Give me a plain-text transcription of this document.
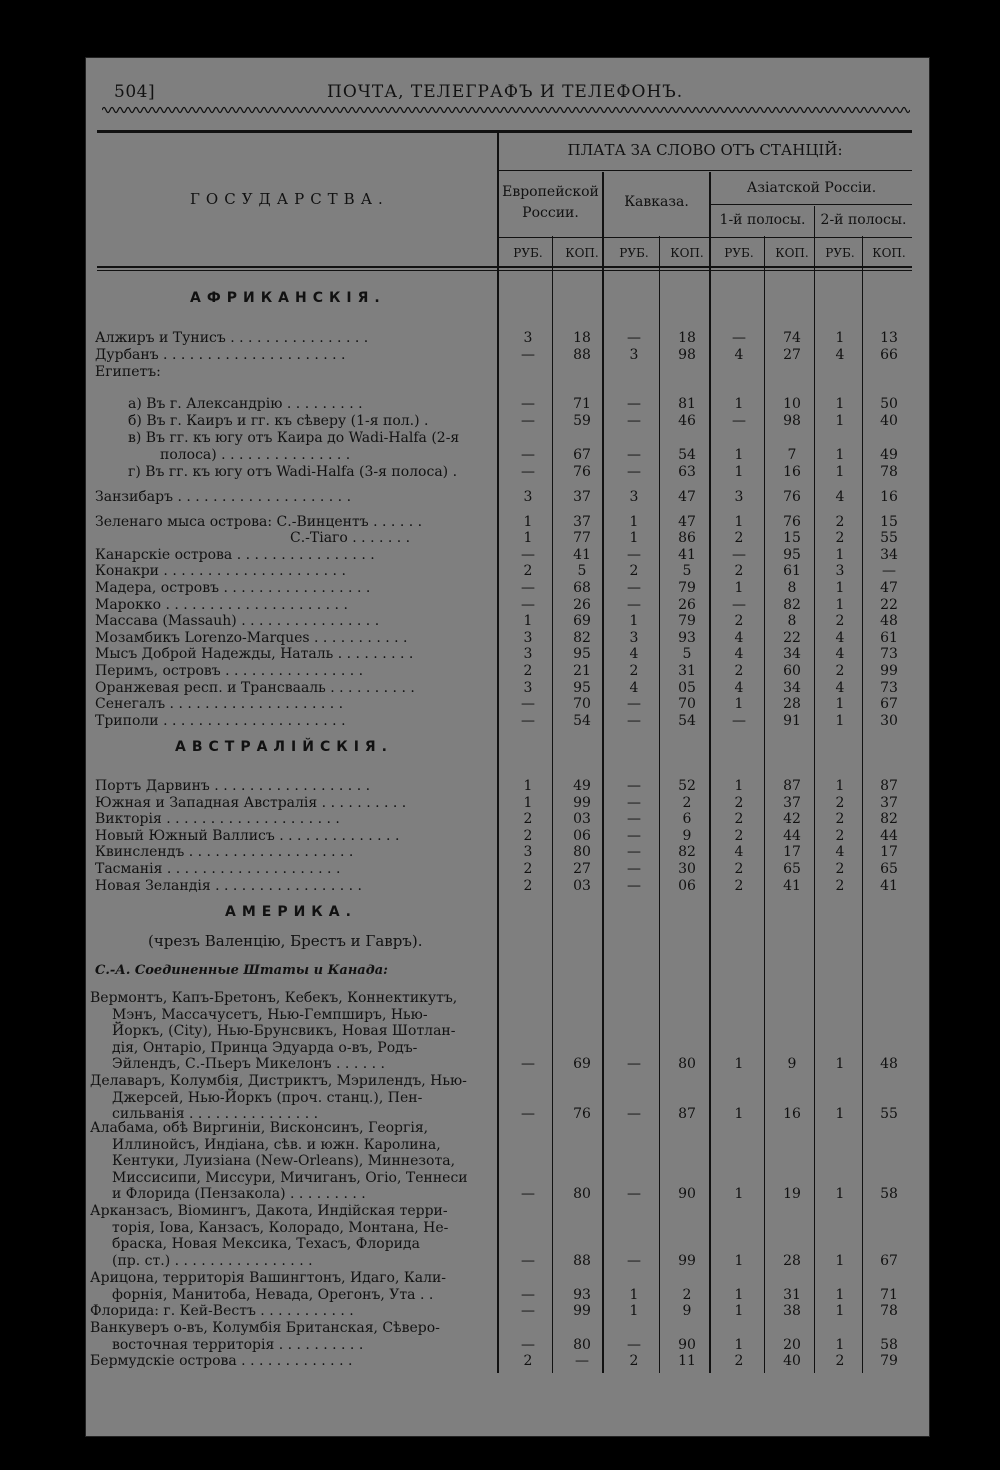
504]	ПОЧТА, ТЕЛЕГРАФЪ И ТЕЛЕФОНЪ.
ГОСУДАРСТВА.
ПЛАТА ЗА СЛОВО ОТЪ СТАНЦІЙ:
Европейской России.
Кавказа.
Азіатской Россіи.
1-й полосы.	2-й полосы.
РУБ.	КОП.	РУБ.	КОП.	РУБ.	КОП.	РУБ.	КОП.
АФРИКАНСКІЯ.
Египетъ:
Алжиръ и Тунисъ . . . . . . . . . . . . . . . .	3	18	—	18	—	74	1	13
Дурбанъ . . . . . . . . . . . . . . . . . . . . .	—	88	3	98	4	27	4	66
а) Въ г. Александрію . . . . . . . . .	—	71	—	81	1	10	1	50
б) Въ г. Каиръ и гг. къ сѣверу (1-я пол.) .	—	59	—	46	—	98	1	40
в) Въ гг. къ югу отъ Каира до Wadi-Halfa (2-я
полоса) . . . . . . . . . . . . . . .	—	67	—	54	1	7	1	49
г) Въ гг. къ югу отъ Wadi-Halfa (3-я полоса) .	—	76	—	63	1	16	1	78
Занзибаръ . . . . . . . . . . . . . . . . . . . .	3	37	3	47	3	76	4	16
Зеленаго мыса острова: С.-Винцентъ . . . . . .	1	37	1	47	1	76	2	15
С.-Тіаго . . . . . . .	1	77	1	86	2	15	2	55
Канарскіе острова . . . . . . . . . . . . . . . .	—	41	—	41	—	95	1	34
Конакри . . . . . . . . . . . . . . . . . . . . .	2	5	2	5	2	61	3	—
Мадера, островъ . . . . . . . . . . . . . . . . .	—	68	—	79	1	8	1	47
Марокко . . . . . . . . . . . . . . . . . . . . .	—	26	—	26	—	82	1	22
Массава (Massauh) . . . . . . . . . . . . . . . .	1	69	1	79	2	8	2	48
Мозамбикъ Lorenzo-Marques . . . . . . . . . . .	3	82	3	93	4	22	4	61
Мысъ Доброй Надежды, Наталь . . . . . . . . .	3	95	4	5	4	34	4	73
Перимъ, островъ . . . . . . . . . . . . . . . .	2	21	2	31	2	60	2	99
Оранжевая респ. и Трансвааль . . . . . . . . . .	3	95	4	05	4	34	4	73
Сенегалъ . . . . . . . . . . . . . . . . . . . .	—	70	—	70	1	28	1	67
Триполи . . . . . . . . . . . . . . . . . . . . .	—	54	—	54	—	91	1	30
АВСТРАЛІЙСКІЯ.
Портъ Дарвинъ . . . . . . . . . . . . . . . . . .	1	49	—	52	1	87	1	87
Южная и Западная Австралія . . . . . . . . . .	1	99	—	2	2	37	2	37
Викторія . . . . . . . . . . . . . . . . . . . .	2	03	—	6	2	42	2	82
Новый Южный Валлисъ . . . . . . . . . . . . . .	2	06	—	9	2	44	2	44
Квинслендъ . . . . . . . . . . . . . . . . . . .	3	80	—	82	4	17	4	17
Тасманія . . . . . . . . . . . . . . . . . . . .	2	27	—	30	2	65	2	65
Новая Зеландія . . . . . . . . . . . . . . . . .	2	03	—	06	2	41	2	41
АМЕРИКА.
(чрезъ Валенцію, Брестъ и Гавръ).
С.-А. Соединенные Штаты и Канада:
Вермонтъ, Капъ-Бретонъ, Кебекъ, Коннектикутъ,
Мэнъ, Массачусетъ, Нью-Гемпширъ, Нью-
Йоркъ, (City), Нью-Брунсвикъ, Новая Шотлан-
дія, Онтаріо, Принца Эдуарда о-въ, Родъ-
Эйлендъ, С.-Пьеръ Микелонъ . . . . . .	—	69	—	80	1	9	1	48
Делаваръ, Колумбія, Дистриктъ, Мэрилендъ, Нью-
Джерсей, Нью-Йоркъ (проч. станц.), Пен-
сильванія . . . . . . . . . . . . . . .	—	76	—	87	1	16	1	55
Алабама, обѣ Виргиніи, Висконсинъ, Георгія,
Иллинойсъ, Индіана, сѣв. и южн. Каролина,
Кентуки, Луизіана (New-Orleans), Миннезота,
Миссисипи, Миссури, Мичиганъ, Огіо, Теннеси
и Флорида (Пензакола) . . . . . . . . .	—	80	—	90	1	19	1	58
Арканзасъ, Віомингъ, Дакота, Индійская терри-
торія, Іова, Канзасъ, Колорадо, Монтана, Не-
браска, Новая Мексика, Техасъ, Флорида
(пр. ст.) . . . . . . . . . . . . . . . .	—	88	—	99	1	28	1	67
Арицона, территорія Вашингтонъ, Идаго, Кали-
форнія, Манитоба, Невада, Орегонъ, Ута . .	—	93	1	2	1	31	1	71
Флорида: г. Кей-Вестъ . . . . . . . . . . .	—	99	1	9	1	38	1	78
Ванкуверъ о-въ, Колумбія Британская, Сѣверо-
восточная территорія . . . . . . . . . .	—	80	—	90	1	20	1	58
Бермудскіе острова . . . . . . . . . . . . .	2	—	2	11	2	40	2	79
